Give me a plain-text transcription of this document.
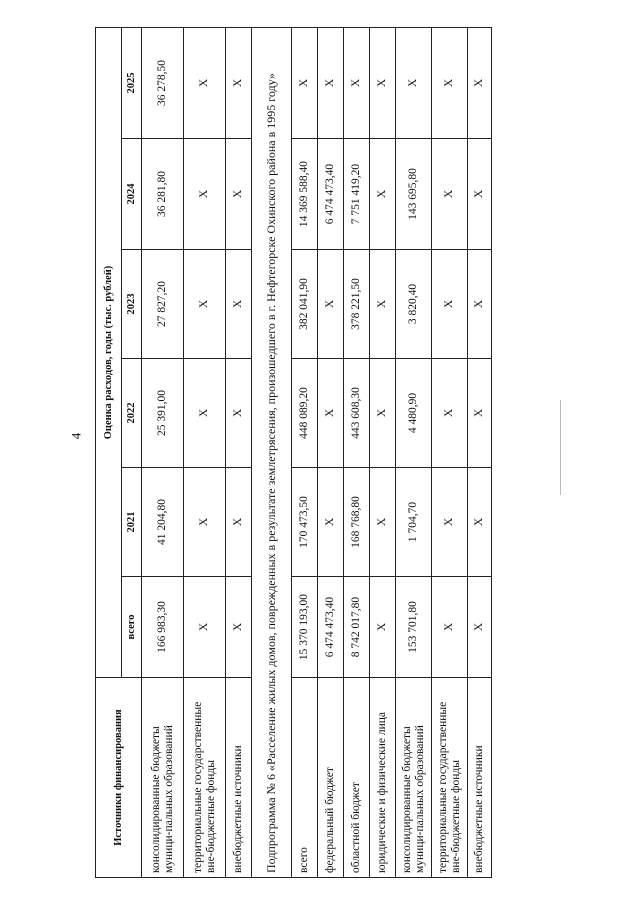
4
Источники финансирования	Оценка расходов, годы (тыс. рублей)					
	всего	2021	2022	2023	2024	2025
консолидированные бюджеты муници-пальных образований	166 983,30	41 204,80	25 391,00	27 827,20	36 281,80	36 278,50
территориальные государственные вне-бюджетные фонды	X	X	X	X	X	X
внебюджетные источники	X	X	X	X	X	X
Подпрограмма № 6 «Расселение жилых домов, поврежденных в результате землетрясения, произошедшего в г. Нефтегорске Охинского района в 1995 году»						
всего	15 370 193,00	170 473,50	448 089,20	382 041,90	14 369 588,40	X
федеральный бюджет	6 474 473,40	X	X	X	6 474 473,40	X
областной бюджет	8 742 017,80	168 768,80	443 608,30	378 221,50	7 751 419,20	X
юридические и физические лица	X	X	X	X	X	X
консолидированные бюджеты муници-пальных образований	153 701,80	1 704,70	4 480,90	3 820,40	143 695,80	X
территориальные государственные вне-бюджетные фонды	X	X	X	X	X	X
внебюджетные источники	X	X	X	X	X	X
